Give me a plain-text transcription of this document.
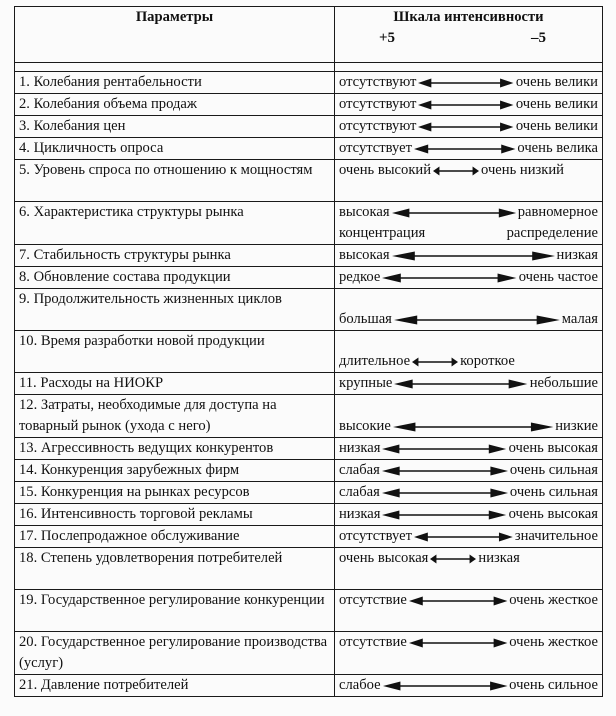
Параметры	Шкала интенсивности
+5 –5

1. Колебания рентабельности	отсутствуют очень велики

2. Колебания объема продаж	отсутствуют очень велики

3. Колебания цен	отсутствуют очень велики

4. Цикличность опроса	отсутствует очень велика

5. Уровень спроса по отношению к мощностям	очень высокий очень низкий

6. Характеристика структуры рынка	высокая равномерное
концентрация распределение

7. Стабильность структуры рынка	высокая низкая

8. Обновление состава продукции	редкое очень частое

9. Продолжительность жизненных циклов	большая малая

10. Время разработки новой продукции	длительное короткое

11. Расходы на НИОКР	крупные небольшие

12. Затраты, необходимые для доступа на товарный рынок (ухода с него)	высокие низкие

13. Агрессивность ведущих конкурентов	низкая очень высокая

14. Конкуренция зарубежных фирм	слабая очень сильная

15. Конкуренция на рынках ресурсов	слабая очень сильная

16. Интенсивность торговой рекламы	низкая очень высокая

17. Послепродажное обслуживание	отсутствует значительное

18. Степень удовлетворения потребителей	очень высокая низкая

19. Государственное регулирование конкуренции	отсутствие очень жесткое

20. Государственное регулирование производства (услуг)	отсутствие очень жесткое

21. Давление потребителей	слабое очень сильное
